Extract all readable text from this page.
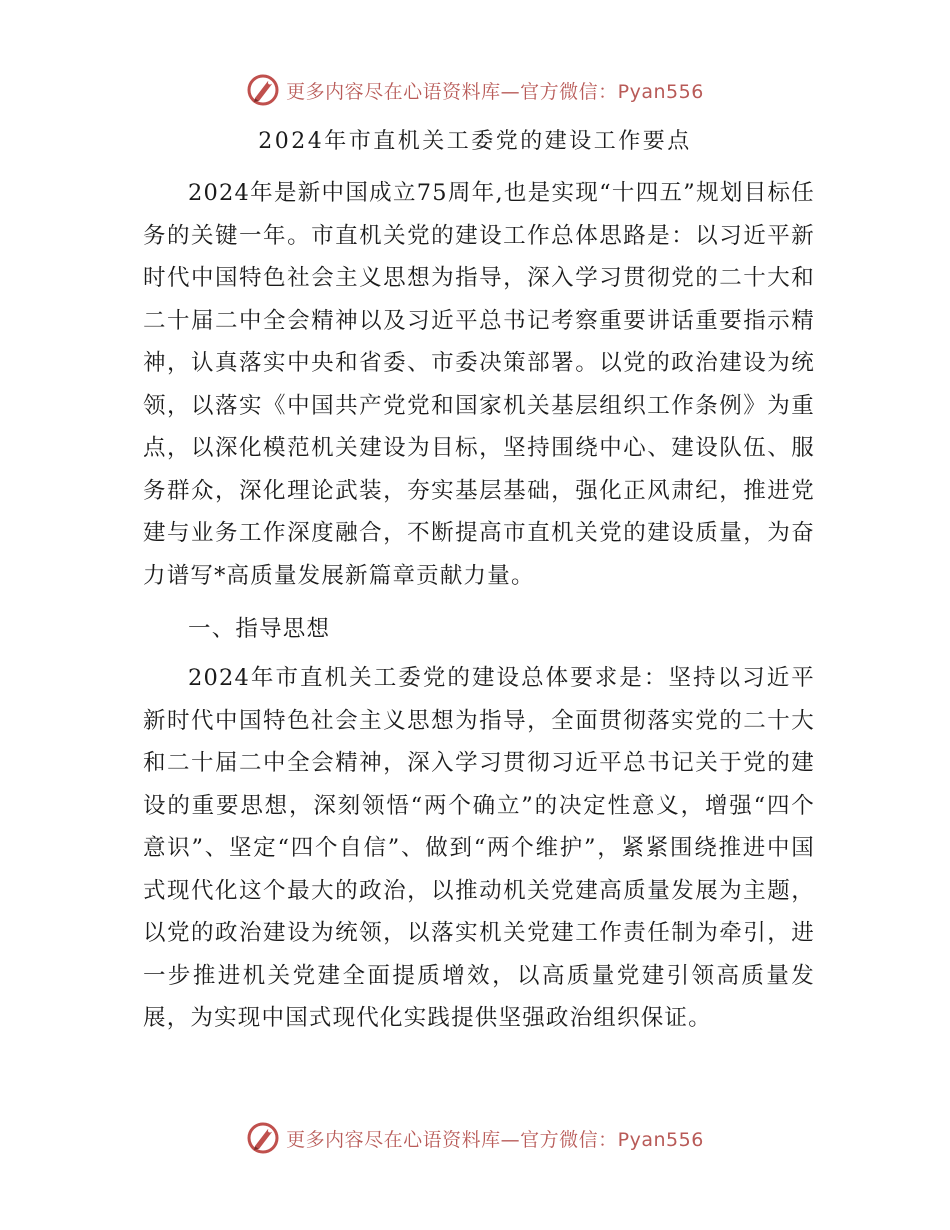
更多内容尽在心语资料库—官方微信：Pyan556
2024年市直机关工委党的建设工作要点

2024年是新中国成立75周年,也是实现“十四五”规划目标任务的关键一年。市直机关党的建设工作总体思路是：以习近平新时代中国特色社会主义思想为指导，深入学习贯彻党的二十大和二十届二中全会精神以及习近平总书记考察重要讲话重要指示精神，认真落实中央和省委、市委决策部署。以党的政治建设为统领，以落实《中国共产党党和国家机关基层组织工作条例》为重点，以深化模范机关建设为目标，坚持围绕中心、建设队伍、服务群众，深化理论武装，夯实基层基础，强化正风肃纪，推进党建与业务工作深度融合，不断提高市直机关党的建设质量，为奋力谱写*高质量发展新篇章贡献力量。

一、指导思想

2024年市直机关工委党的建设总体要求是：坚持以习近平新时代中国特色社会主义思想为指导，全面贯彻落实党的二十大和二十届二中全会精神，深入学习贯彻习近平总书记关于党的建设的重要思想，深刻领悟“两个确立”的决定性意义，增强“四个意识”、坚定“四个自信”、做到“两个维护”，紧紧围绕推进中国式现代化这个最大的政治，以推动机关党建高质量发展为主题，以党的政治建设为统领，以落实机关党建工作责任制为牵引，进一步推进机关党建全面提质增效，以高质量党建引领高质量发展，为实现中国式现代化实践提供坚强政治组织保证。

更多内容尽在心语资料库—官方微信：Pyan556
